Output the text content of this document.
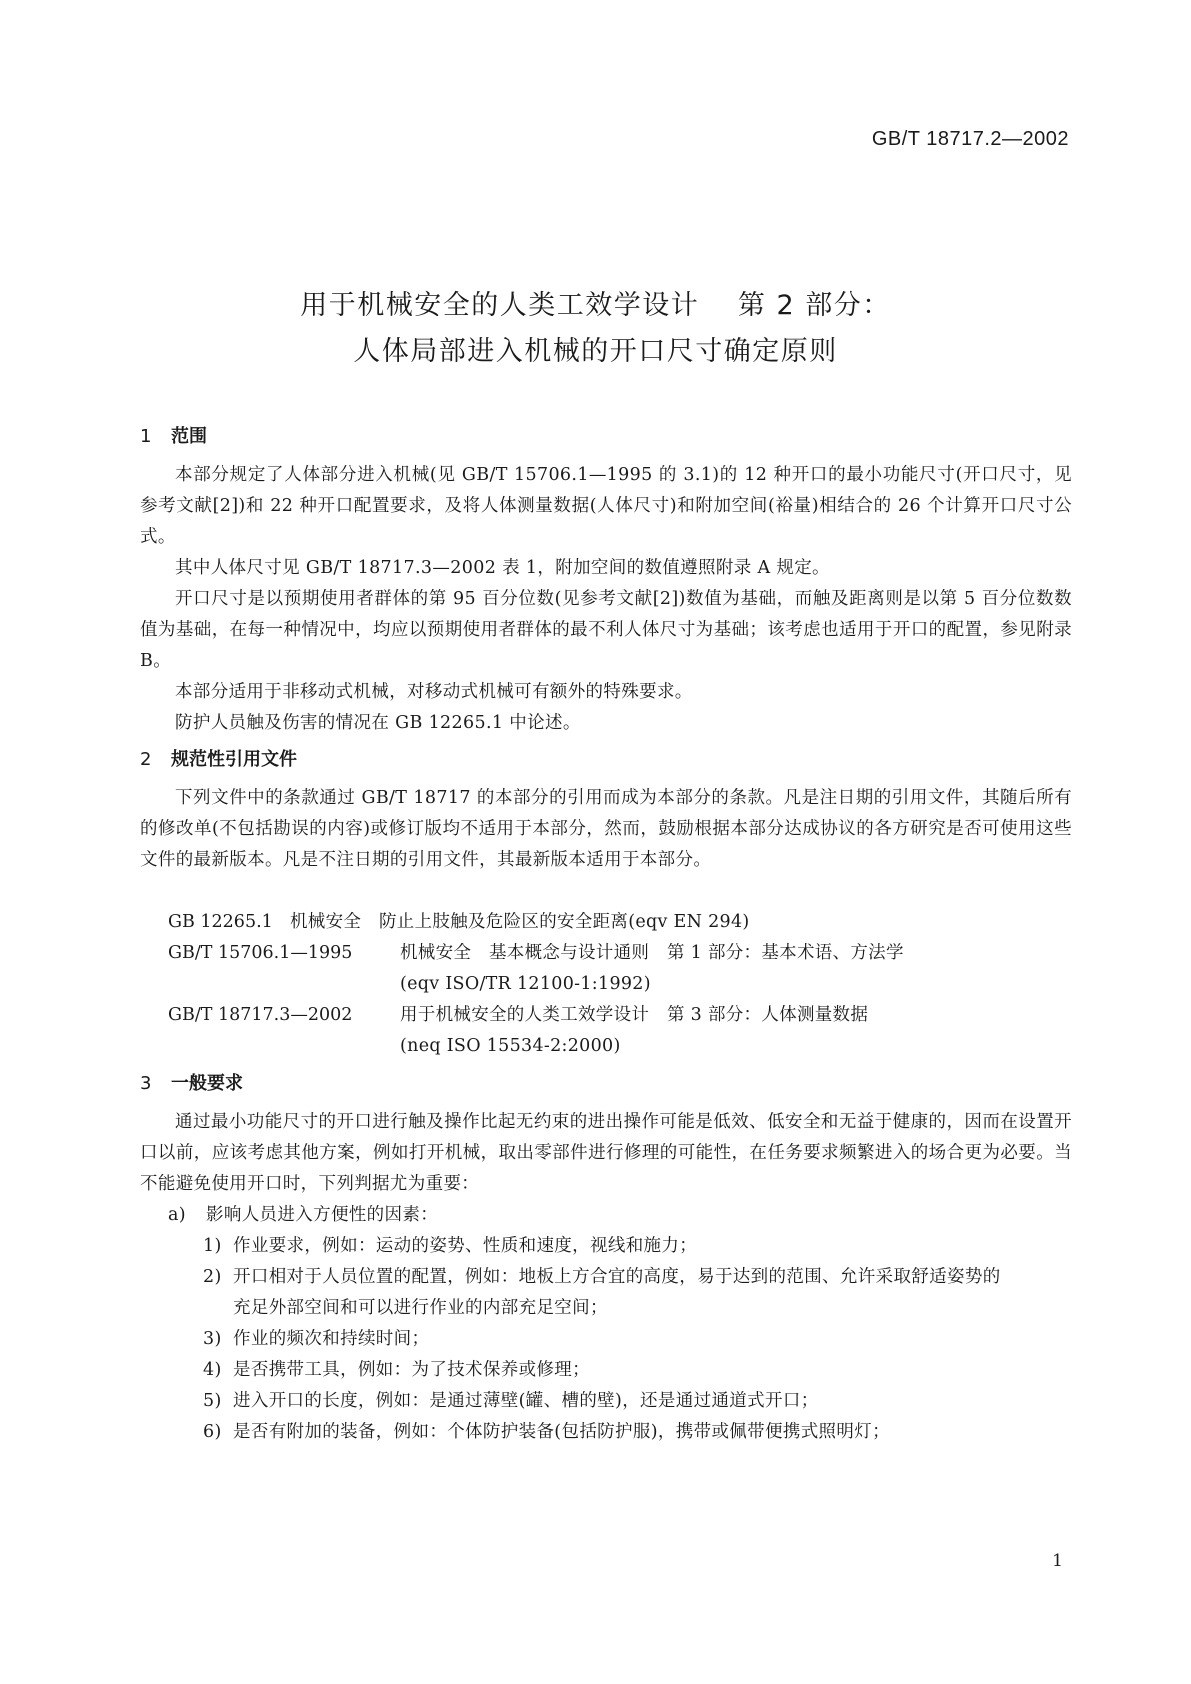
GB/T 18717.2—2002
用于机械安全的人类工效学设计　 第 2 部分：
人体局部进入机械的开口尺寸确定原则
1 范围
本部分规定了人体部分进入机械(见 GB/T 15706.1—1995 的 3.1)的 12 种开口的最小功能尺寸(开口尺寸，见参考文献[2])和 22 种开口配置要求，及将人体测量数据(人体尺寸)和附加空间(裕量)相结合的 26 个计算开口尺寸公式。
其中人体尺寸见 GB/T 18717.3—2002 表 1，附加空间的数值遵照附录 A 规定。
开口尺寸是以预期使用者群体的第 95 百分位数(见参考文献[2])数值为基础，而触及距离则是以第 5 百分位数数值为基础，在每一种情况中，均应以预期使用者群体的最不利人体尺寸为基础；该考虑也适用于开口的配置，参见附录 B。
本部分适用于非移动式机械，对移动式机械可有额外的特殊要求。
防护人员触及伤害的情况在 GB 12265.1 中论述。
2 规范性引用文件
下列文件中的条款通过 GB/T 18717 的本部分的引用而成为本部分的条款。凡是注日期的引用文件，其随后所有的修改单(不包括勘误的内容)或修订版均不适用于本部分，然而，鼓励根据本部分达成协议的各方研究是否可使用这些文件的最新版本。凡是不注日期的引用文件，其最新版本适用于本部分。
GB 12265.1 机械安全　防止上肢触及危险区的安全距离(eqv EN 294)
GB/T 15706.1—1995	机械安全　基本概念与设计通则　第 1 部分：基本术语、方法学
(eqv ISO/TR 12100-1:1992)
GB/T 18717.3—2002	用于机械安全的人类工效学设计　第 3 部分：人体测量数据
(neq ISO 15534-2:2000)
3 一般要求
通过最小功能尺寸的开口进行触及操作比起无约束的进出操作可能是低效、低安全和无益于健康的，因而在设置开口以前，应该考虑其他方案，例如打开机械，取出零部件进行修理的可能性，在任务要求频繁进入的场合更为必要。当不能避免使用开口时，下列判据尤为重要：
a) 影响人员进入方便性的因素：
1) 作业要求，例如：运动的姿势、性质和速度，视线和施力；
2) 开口相对于人员位置的配置，例如：地板上方合宜的高度，易于达到的范围、允许采取舒适姿势的充足外部空间和可以进行作业的内部充足空间；
3) 作业的频次和持续时间；
4) 是否携带工具，例如：为了技术保养或修理；
5) 进入开口的长度，例如：是通过薄壁(罐、槽的壁)，还是通过通道式开口；
6) 是否有附加的装备，例如：个体防护装备(包括防护服)，携带或佩带便携式照明灯；
1
